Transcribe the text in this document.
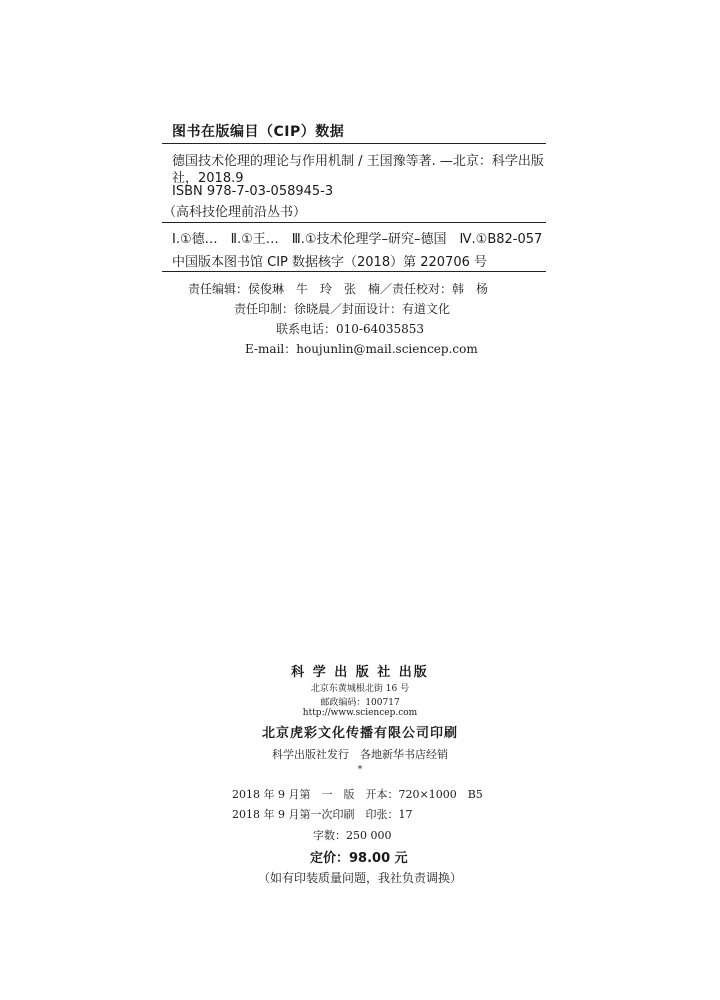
图书在版编目（CIP）数据
德国技术伦理的理论与作用机制 / 王国豫等著. —北京：科学出版
社，2018.9
ISBN 978-7-03-058945-3
（高科技伦理前沿丛书）
Ⅰ.①德…　Ⅱ.①王…　Ⅲ.①技术伦理学–研究–德国　Ⅳ.①B82-057
中国版本图书馆 CIP 数据核字（2018）第 220706 号
责任编辑：侯俊琳　牛　玲　张　楠／责任校对：韩　杨
责任印制：徐晓晨／封面设计：有道文化
联系电话：010-64035853
E-mail：houjunlin@mail.sciencep.com
科 学 出 版 社 出版
北京东黄城根北街 16 号
邮政编码：100717
http://www.sciencep.com
北京虎彩文化传播有限公司印刷
科学出版社发行　各地新华书店经销
*
2018 年 9 月第　一　版　开本：720×1000　B5
2018 年 9 月第一次印刷　印张：17
字数：250 000
定价：98.00 元
（如有印装质量问题，我社负责调换）
